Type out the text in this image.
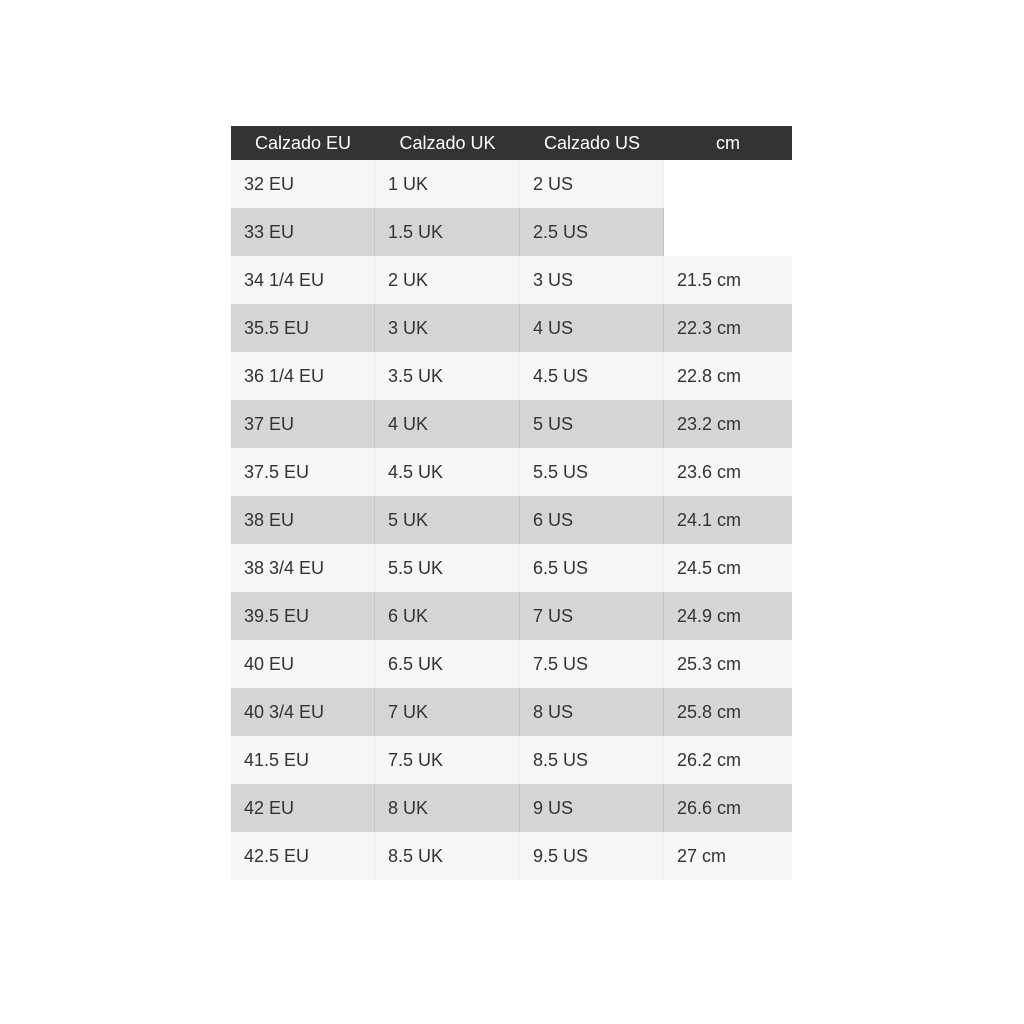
Calzado EU	Calzado UK	Calzado US	cm
32 EU	1 UK	2 US	
33 EU	1.5 UK	2.5 US	
34 1/4 EU	2 UK	3 US	21.5 cm
35.5 EU	3 UK	4 US	22.3 cm
36 1/4 EU	3.5 UK	4.5 US	22.8 cm
37 EU	4 UK	5 US	23.2 cm
37.5 EU	4.5 UK	5.5 US	23.6 cm
38 EU	5 UK	6 US	24.1 cm
38 3/4 EU	5.5 UK	6.5 US	24.5 cm
39.5 EU	6 UK	7 US	24.9 cm
40 EU	6.5 UK	7.5 US	25.3 cm
40 3/4 EU	7 UK	8 US	25.8 cm
41.5 EU	7.5 UK	8.5 US	26.2 cm
42 EU	8 UK	9 US	26.6 cm
42.5 EU	8.5 UK	9.5 US	27 cm
